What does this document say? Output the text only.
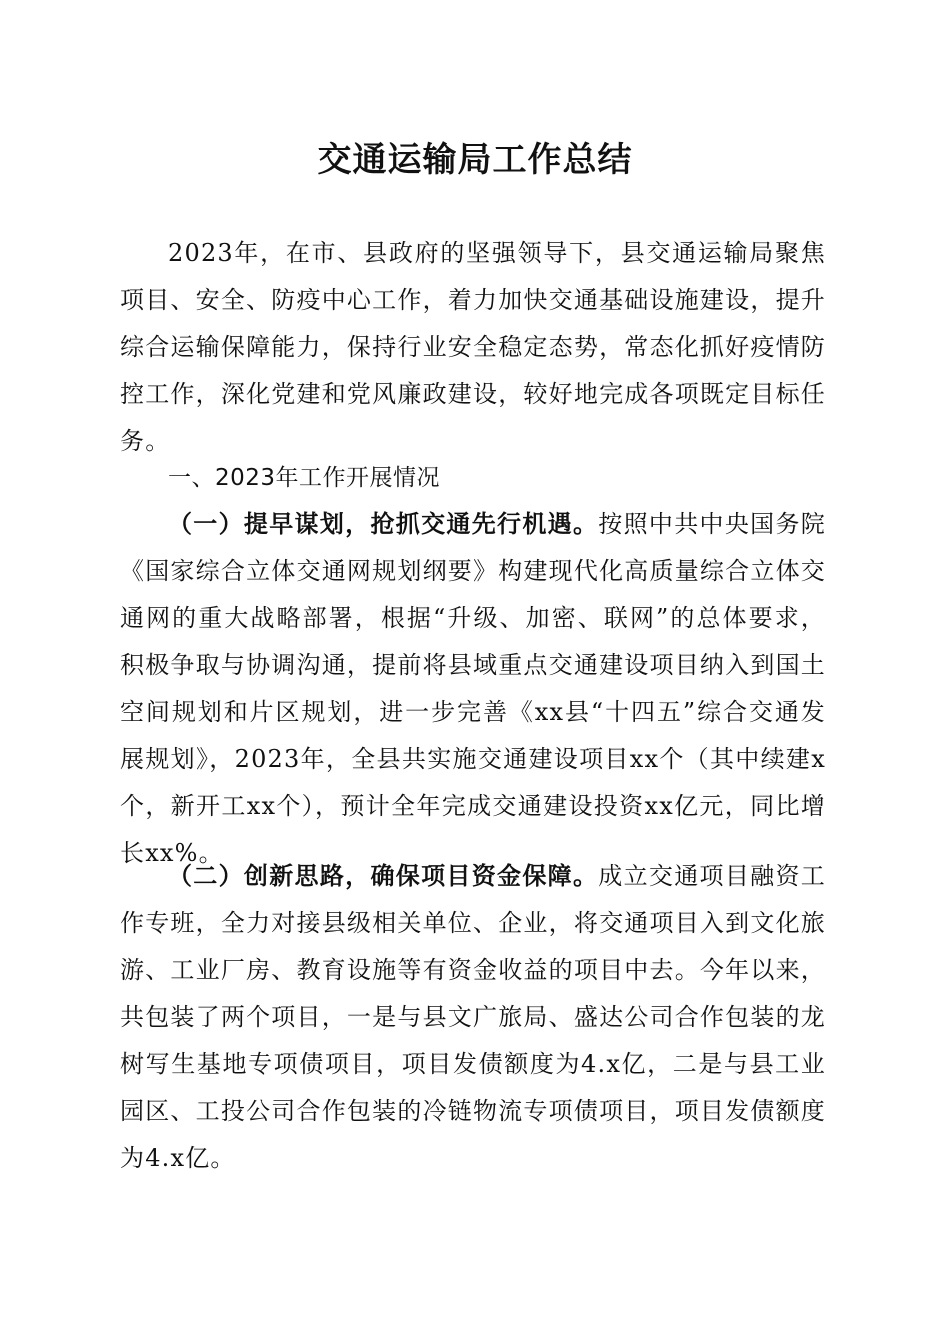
交通运输局工作总结

2023年，在市、县政府的坚强领导下，县交通运输局聚焦项目、安全、防疫中心工作，着力加快交通基础设施建设，提升综合运输保障能力，保持行业安全稳定态势，常态化抓好疫情防控工作，深化党建和党风廉政建设，较好地完成各项既定目标任务。

一、2023年工作开展情况

（一）提早谋划，抢抓交通先行机遇。按照中共中央国务院《国家综合立体交通网规划纲要》构建现代化高质量综合立体交通网的重大战略部署，根据“升级、加密、联网”的总体要求，积极争取与协调沟通，提前将县域重点交通建设项目纳入到国土空间规划和片区规划，进一步完善《xx县“十四五”综合交通发展规划》，2023年，全县共实施交通建设项目xx个（其中续建x个，新开工xx个），预计全年完成交通建设投资xx亿元，同比增长xx%。

（二）创新思路，确保项目资金保障。成立交通项目融资工作专班，全力对接县级相关单位、企业，将交通项目入到文化旅游、工业厂房、教育设施等有资金收益的项目中去。今年以来，共包装了两个项目，一是与县文广旅局、盛达公司合作包装的龙树写生基地专项债项目，项目发债额度为4.x亿，二是与县工业园区、工投公司合作包装的冷链物流专项债项目，项目发债额度为4.x亿。
